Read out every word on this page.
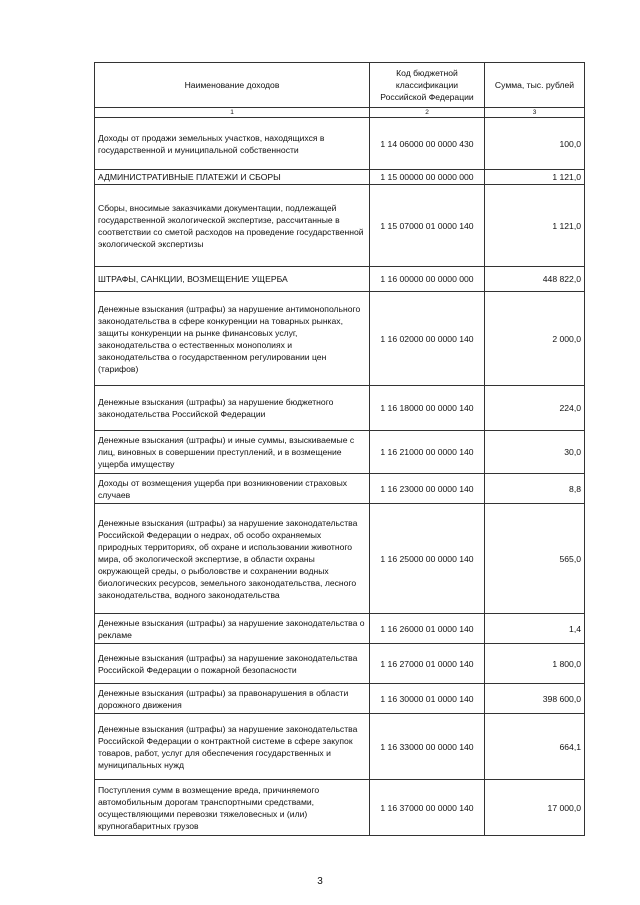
Наименование доходов	Код бюджетной классификации Российской Федерации	Сумма, тыс. рублей
1	2	3
Доходы от продажи земельных участков, находящихся в государственной и муниципальной собственности	1 14 06000 00 0000 430	100,0
АДМИНИСТРАТИВНЫЕ ПЛАТЕЖИ И СБОРЫ	1 15 00000 00 0000 000	1 121,0
Сборы, вносимые заказчиками документации, подлежащей государственной экологической экспертизе, рассчитанные в соответствии со сметой расходов на проведение государственной экологической экспертизы	1 15 07000 01 0000 140	1 121,0
ШТРАФЫ, САНКЦИИ, ВОЗМЕЩЕНИЕ УЩЕРБА	1 16 00000 00 0000 000	448 822,0
Денежные взыскания (штрафы) за нарушение антимонопольного законодательства в сфере конкуренции на товарных рынках, защиты конкуренции на рынке финансовых услуг, законодательства о естественных монополиях и законодательства о государственном регулировании цен (тарифов)	1 16 02000 00 0000 140	2 000,0
Денежные взыскания (штрафы) за нарушение бюджетного законодательства Российской Федерации	1 16 18000 00 0000 140	224,0
Денежные взыскания (штрафы) и иные суммы, взыскиваемые с лиц, виновных в совершении преступлений, и в возмещение ущерба имуществу	1 16 21000 00 0000 140	30,0
Доходы от возмещения ущерба при возникновении страховых случаев	1 16 23000 00 0000 140	8,8
Денежные взыскания (штрафы) за нарушение законодательства Российской Федерации о недрах, об особо охраняемых природных территориях, об охране и использовании животного мира, об экологической экспертизе, в области охраны окружающей среды, о рыболовстве и сохранении водных биологических ресурсов, земельного законодательства, лесного законодательства, водного законодательства	1 16 25000 00 0000 140	565,0
Денежные взыскания (штрафы) за нарушение законодательства о рекламе	1 16 26000 01 0000 140	1,4
Денежные взыскания (штрафы) за нарушение законодательства Российской Федерации о пожарной безопасности	1 16 27000 01 0000 140	1 800,0
Денежные взыскания (штрафы) за правонарушения в области дорожного движения	1 16 30000 01 0000 140	398 600,0
Денежные взыскания (штрафы) за нарушение законодательства Российской Федерации о контрактной системе в сфере закупок товаров, работ, услуг для обеспечения государственных и муниципальных нужд	1 16 33000 00 0000 140	664,1
Поступления сумм в возмещение вреда, причиняемого автомобильным дорогам транспортными средствами, осуществляющими перевозки тяжеловесных и (или) крупногабаритных грузов	1 16 37000 00 0000 140	17 000,0
3
